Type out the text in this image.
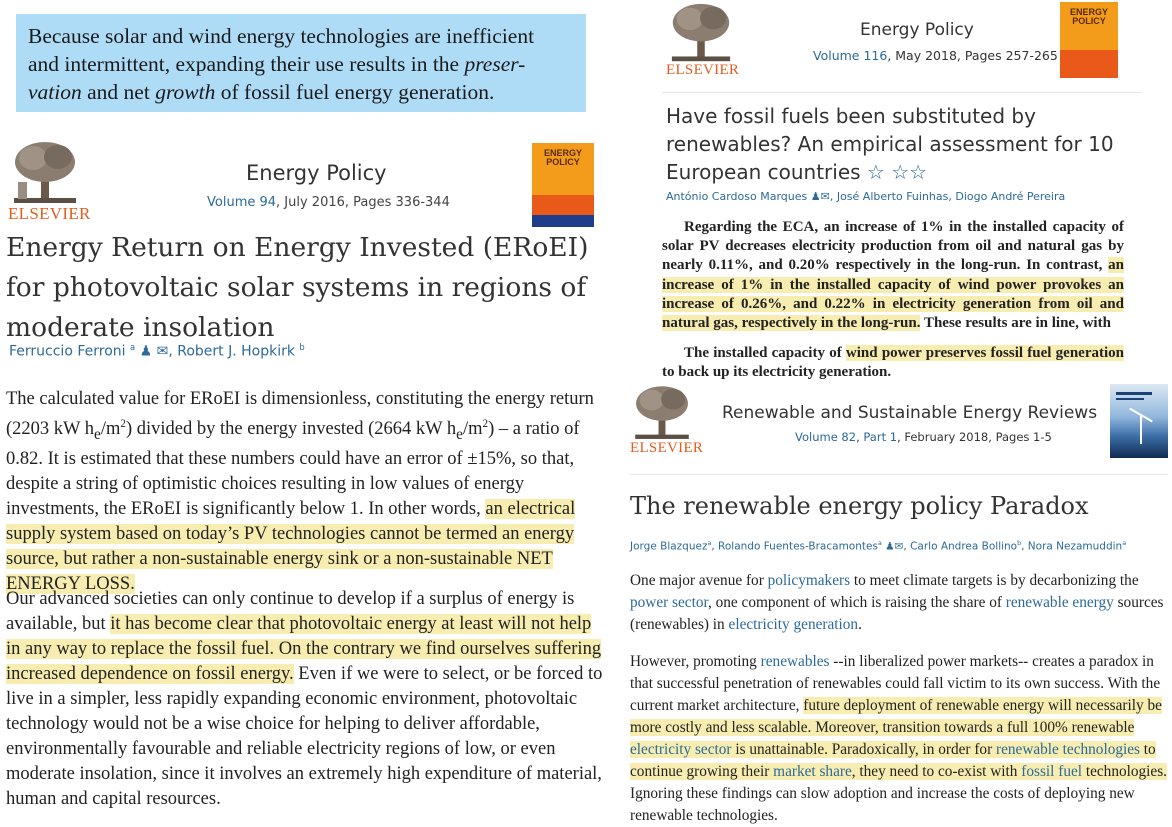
Because solar and wind energy technologies are inefficient
and intermittent, expanding their use results in the preser-vation and net growth of fossil fuel energy generation.
ELSEVIER
Energy Policy
Volume 94, July 2016, Pages 336-344
ENERGY POLICY
Energy Return on Energy Invested (ERoEI) for photovoltaic solar systems in regions of moderate insolation
Ferruccio Ferroni $^a$ ♟ ✉, Robert J. Hopkirk $^b$
The calculated value for ERoEI is dimensionless, constituting the energy return (2203 kW $h_e/m^2$) divided by the energy invested (2664 kW $h_e/m^2$) – a ratio of 0.82. It is estimated that these numbers could have an error of ±15%, so that, despite a string of optimistic choices resulting in low values of energy investments, the ERoEI is significantly below 1. In other words, an electrical supply system based on today’s PV technologies cannot be termed an energy source, but rather a non-sustainable energy sink or a non-sustainable NET ENERGY LOSS.
Our advanced societies can only continue to develop if a surplus of energy is available, but it has become clear that photovoltaic energy at least will not help in any way to replace the fossil fuel. On the contrary we find ourselves suffering increased dependence on fossil energy. Even if we were to select, or be forced to live in a simpler, less rapidly expanding economic environment, photovoltaic technology would not be a wise choice for helping to deliver affordable, environmentally favourable and reliable electricity regions of low, or even moderate insolation, since it involves an extremely high expenditure of material, human and capital resources.
ELSEVIER
Energy Policy
Volume 116, May 2018, Pages 257-265
ENERGY POLICY
Have fossil fuels been substituted by renewables? An empirical assessment for 10 European countries ☆ ☆☆
António Cardoso Marques ♟✉, José Alberto Fuinhas, Diogo André Pereira
Regarding the ECA, an increase of 1% in the installed capacity of solar PV decreases electricity production from oil and natural gas by nearly 0.11%, and 0.20% respectively in the long-run. In contrast, an increase of 1% in the installed capacity of wind power provokes an increase of 0.26%, and 0.22% in electricity generation from oil and natural gas, respectively in the long-run. These results are in line, with
The installed capacity of wind power preserves fossil fuel generation to back up its electricity generation.
ELSEVIER
Renewable and Sustainable Energy Reviews
Volume 82, Part 1, February 2018, Pages 1-5
The renewable energy policy Paradox
Jorge Blazquez$^a$, Rolando Fuentes-Bracamontes$^a$ ♟✉, Carlo Andrea Bollino$^b$, Nora Nezamuddin$^a$
One major avenue for policymakers to meet climate targets is by decarbonizing the power sector, one component of which is raising the share of renewable energy sources (renewables) in electricity generation.
However, promoting renewables --in liberalized power markets-- creates a paradox in that successful penetration of renewables could fall victim to its own success. With the current market architecture, future deployment of renewable energy will necessarily be more costly and less scalable. Moreover, transition towards a full 100% renewable electricity sector is unattainable. Paradoxically, in order for renewable technologies to continue growing their market share, they need to co-exist with fossil fuel technologies. Ignoring these findings can slow adoption and increase the costs of deploying new renewable technologies.
